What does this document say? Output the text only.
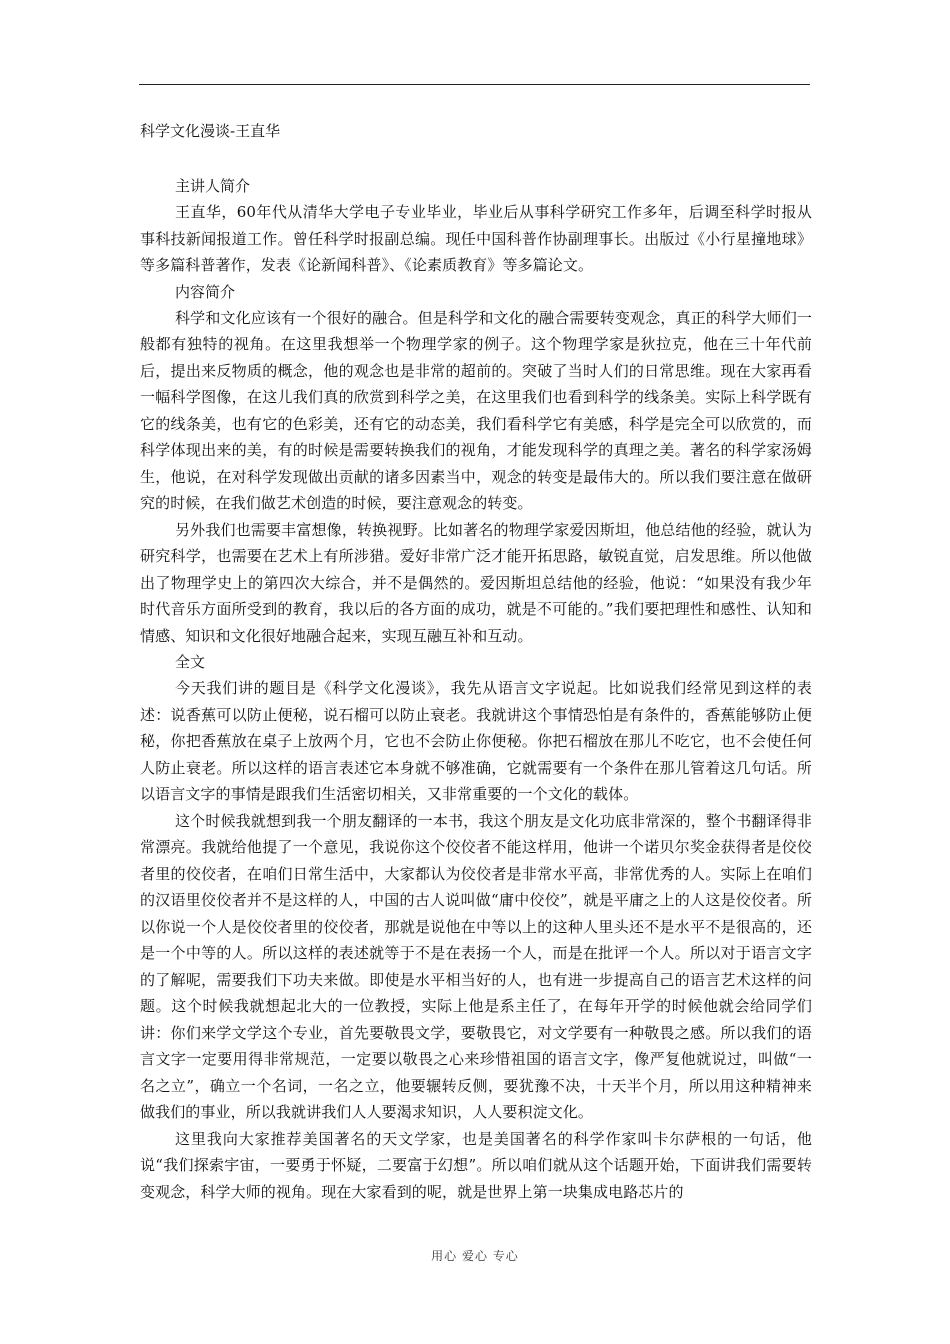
科学文化漫谈-王直华
主讲人简介

王直华，60年代从清华大学电子专业毕业，毕业后从事科学研究工作多年，后调至科学时报从事科技新闻报道工作。曾任科学时报副总编。现任中国科普作协副理事长。出版过《小行星撞地球》等多篇科普著作，发表《论新闻科普》、《论素质教育》等多篇论文。

内容简介

科学和文化应该有一个很好的融合。但是科学和文化的融合需要转变观念，真正的科学大师们一般都有独特的视角。在这里我想举一个物理学家的例子。这个物理学家是狄拉克，他在三十年代前后，提出来反物质的概念，他的观念也是非常的超前的。突破了当时人们的日常思维。现在大家再看一幅科学图像，在这儿我们真的欣赏到科学之美，在这里我们也看到科学的线条美。实际上科学既有它的线条美，也有它的色彩美，还有它的动态美，我们看科学它有美感，科学是完全可以欣赏的，而科学体现出来的美，有的时候是需要转换我们的视角，才能发现科学的真理之美。著名的科学家汤姆生，他说，在对科学发现做出贡献的诸多因素当中，观念的转变是最伟大的。所以我们要注意在做研究的时候，在我们做艺术创造的时候，要注意观念的转变。

另外我们也需要丰富想像，转换视野。比如著名的物理学家爱因斯坦，他总结他的经验，就认为研究科学，也需要在艺术上有所涉猎。爱好非常广泛才能开拓思路，敏锐直觉，启发思维。所以他做出了物理学史上的第四次大综合，并不是偶然的。爱因斯坦总结他的经验，他说：“如果没有我少年时代音乐方面所受到的教育，我以后的各方面的成功，就是不可能的。”我们要把理性和感性、认知和情感、知识和文化很好地融合起来，实现互融互补和互动。

全文

今天我们讲的题目是《科学文化漫谈》，我先从语言文字说起。比如说我们经常见到这样的表述：说香蕉可以防止便秘，说石榴可以防止衰老。我就讲这个事情恐怕是有条件的，香蕉能够防止便秘，你把香蕉放在桌子上放两个月，它也不会防止你便秘。你把石榴放在那儿不吃它，也不会使任何人防止衰老。所以这样的语言表述它本身就不够准确，它就需要有一个条件在那儿管着这几句话。所以语言文字的事情是跟我们生活密切相关，又非常重要的一个文化的载体。

这个时候我就想到我一个朋友翻译的一本书，我这个朋友是文化功底非常深的，整个书翻译得非常漂亮。我就给他提了一个意见，我说你这个佼佼者不能这样用，他讲一个诺贝尔奖金获得者是佼佼者里的佼佼者，在咱们日常生活中，大家都认为佼佼者是非常水平高，非常优秀的人。实际上在咱们的汉语里佼佼者并不是这样的人，中国的古人说叫做“庸中佼佼”，就是平庸之上的人这是佼佼者。所以你说一个人是佼佼者里的佼佼者，那就是说他在中等以上的这种人里头还不是水平不是很高的，还是一个中等的人。所以这样的表述就等于不是在表扬一个人，而是在批评一个人。所以对于语言文字的了解呢，需要我们下功夫来做。即使是水平相当好的人，也有进一步提高自己的语言艺术这样的问题。这个时候我就想起北大的一位教授，实际上他是系主任了，在每年开学的时候他就会给同学们讲：你们来学文学这个专业，首先要敬畏文学，要敬畏它，对文学要有一种敬畏之感。所以我们的语言文字一定要用得非常规范，一定要以敬畏之心来珍惜祖国的语言文字，像严复他就说过，叫做“一名之立”，确立一个名词，一名之立，他要辗转反侧，要犹豫不决，十天半个月，所以用这种精神来做我们的事业，所以我就讲我们人人要渴求知识，人人要积淀文化。

这里我向大家推荐美国著名的天文学家，也是美国著名的科学作家叫卡尔萨根的一句话，他说“我们探索宇宙，一要勇于怀疑，二要富于幻想”。所以咱们就从这个话题开始，下面讲我们需要转变观念，科学大师的视角。现在大家看到的呢，就是世界上第一块集成电路芯片的

用心 爱心 专心
